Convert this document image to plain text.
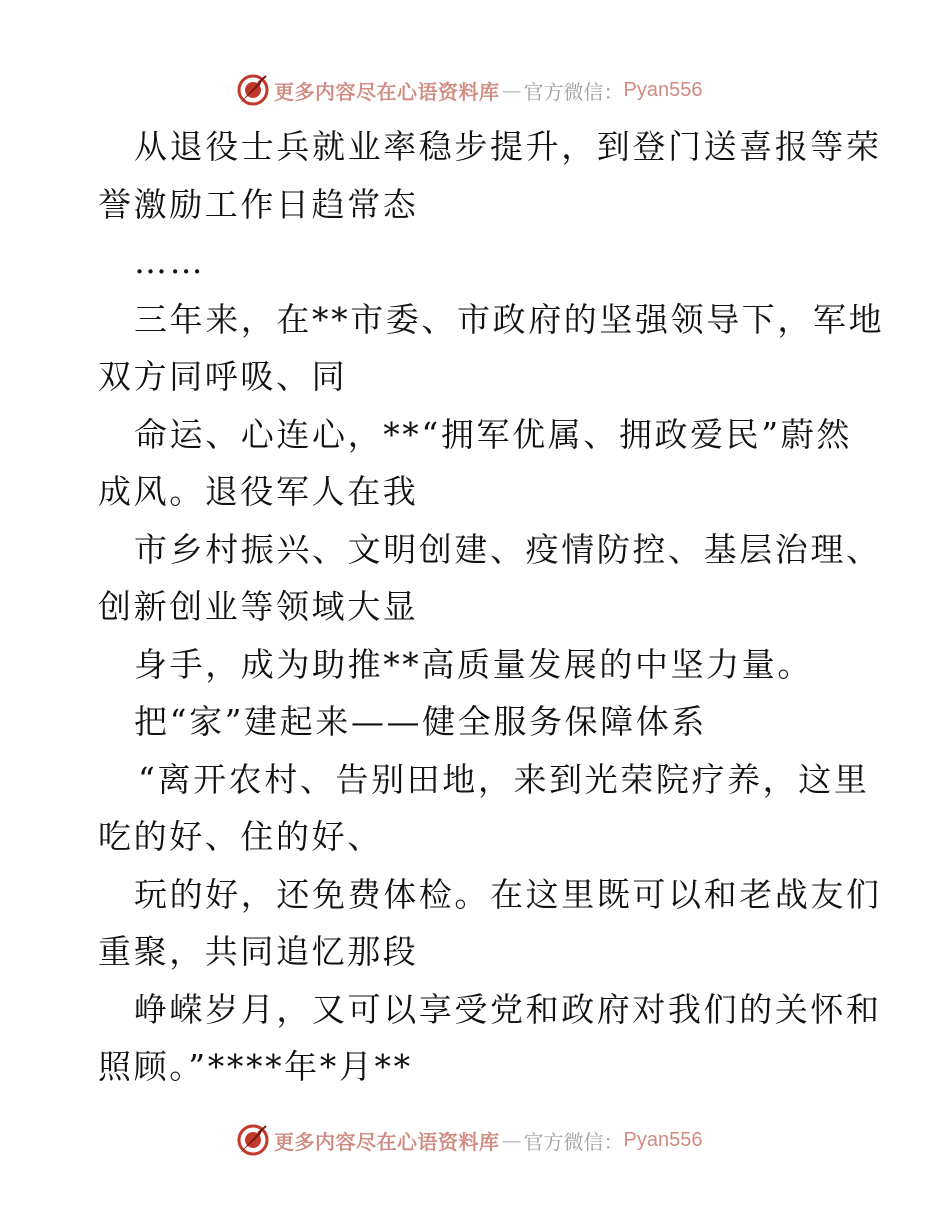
更多内容尽在心语资料库 — 官方微信： Pyan556
从退役士兵就业率稳步提升，到登门送喜报等荣
誉激励工作日趋常态
……
三年来，在**市委、市政府的坚强领导下，军地
双方同呼吸、同
命运、心连心，**“拥军优属、拥政爱民”蔚然
成风。退役军人在我
市乡村振兴、文明创建、疫情防控、基层治理、
创新创业等领域大显
身手，成为助推**高质量发展的中坚力量。
把“家”建起来——健全服务保障体系
“离开农村、告别田地，来到光荣院疗养，这里
吃的好、住的好、
玩的好，还免费体检。在这里既可以和老战友们
重聚，共同追忆那段
峥嵘岁月，又可以享受党和政府对我们的关怀和
照顾。”****年*月**
更多内容尽在心语资料库 — 官方微信： Pyan556
